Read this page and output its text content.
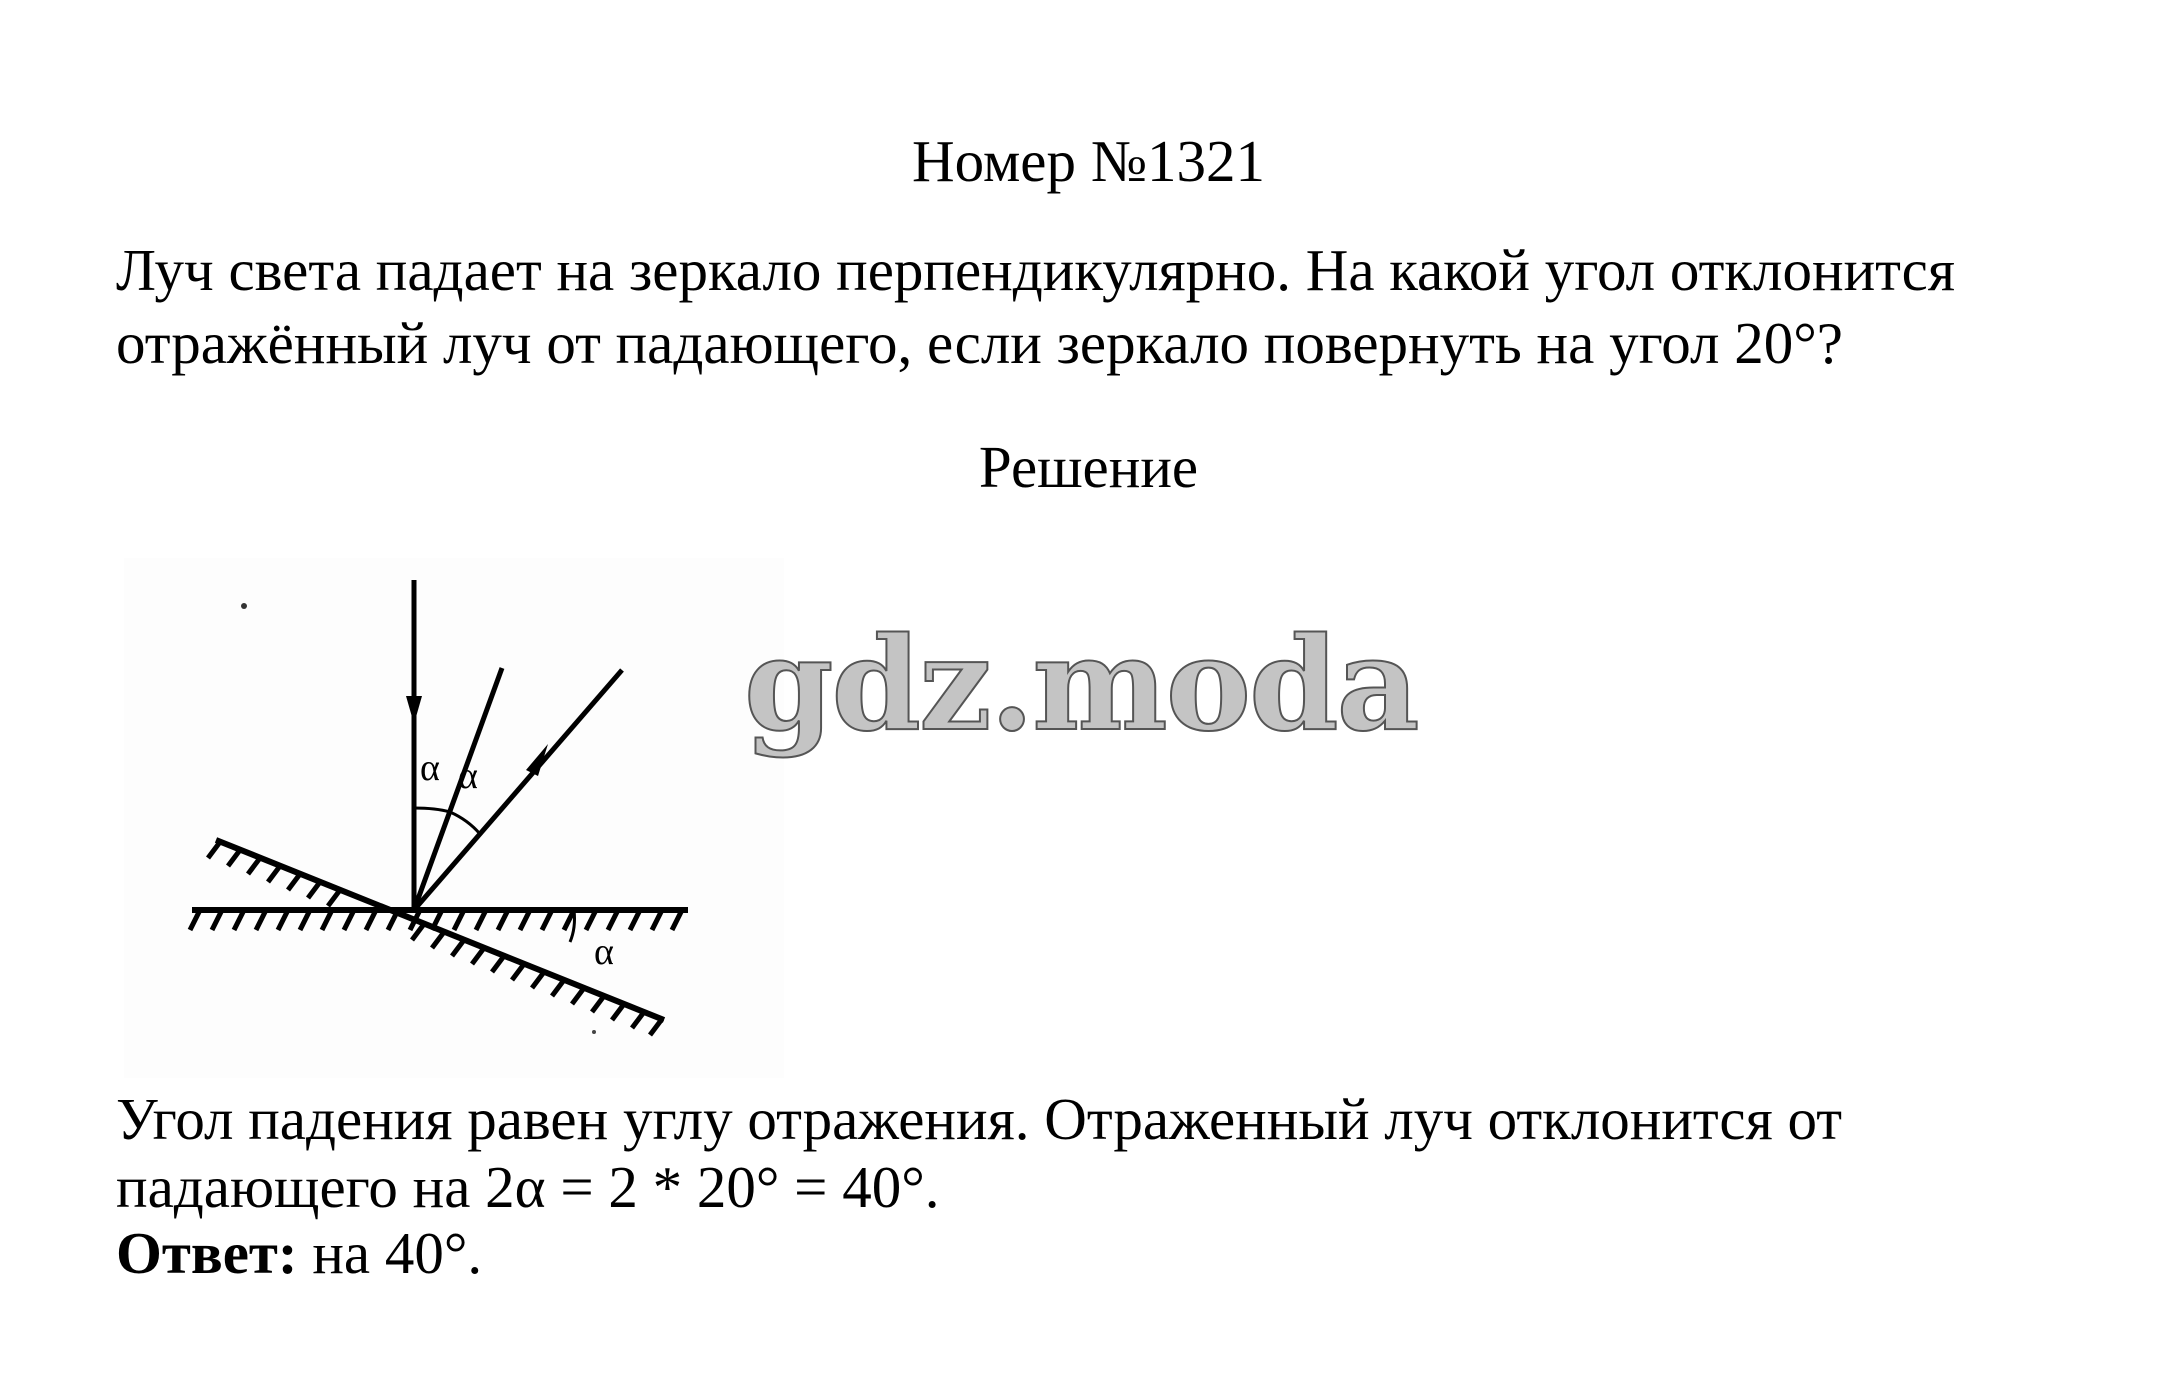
Номер №1321
Луч света падает на зеркало перпендикулярно. На какой угол отклонится
отражённый луч от падающего, если зеркало повернуть на угол 20°?
Решение
α α
α
gdz.moda
Угол падения равен углу отражения. Отраженный луч отклонится от
падающего на 2α = 2 * 20° = 40°.
Ответ: на 40°.
